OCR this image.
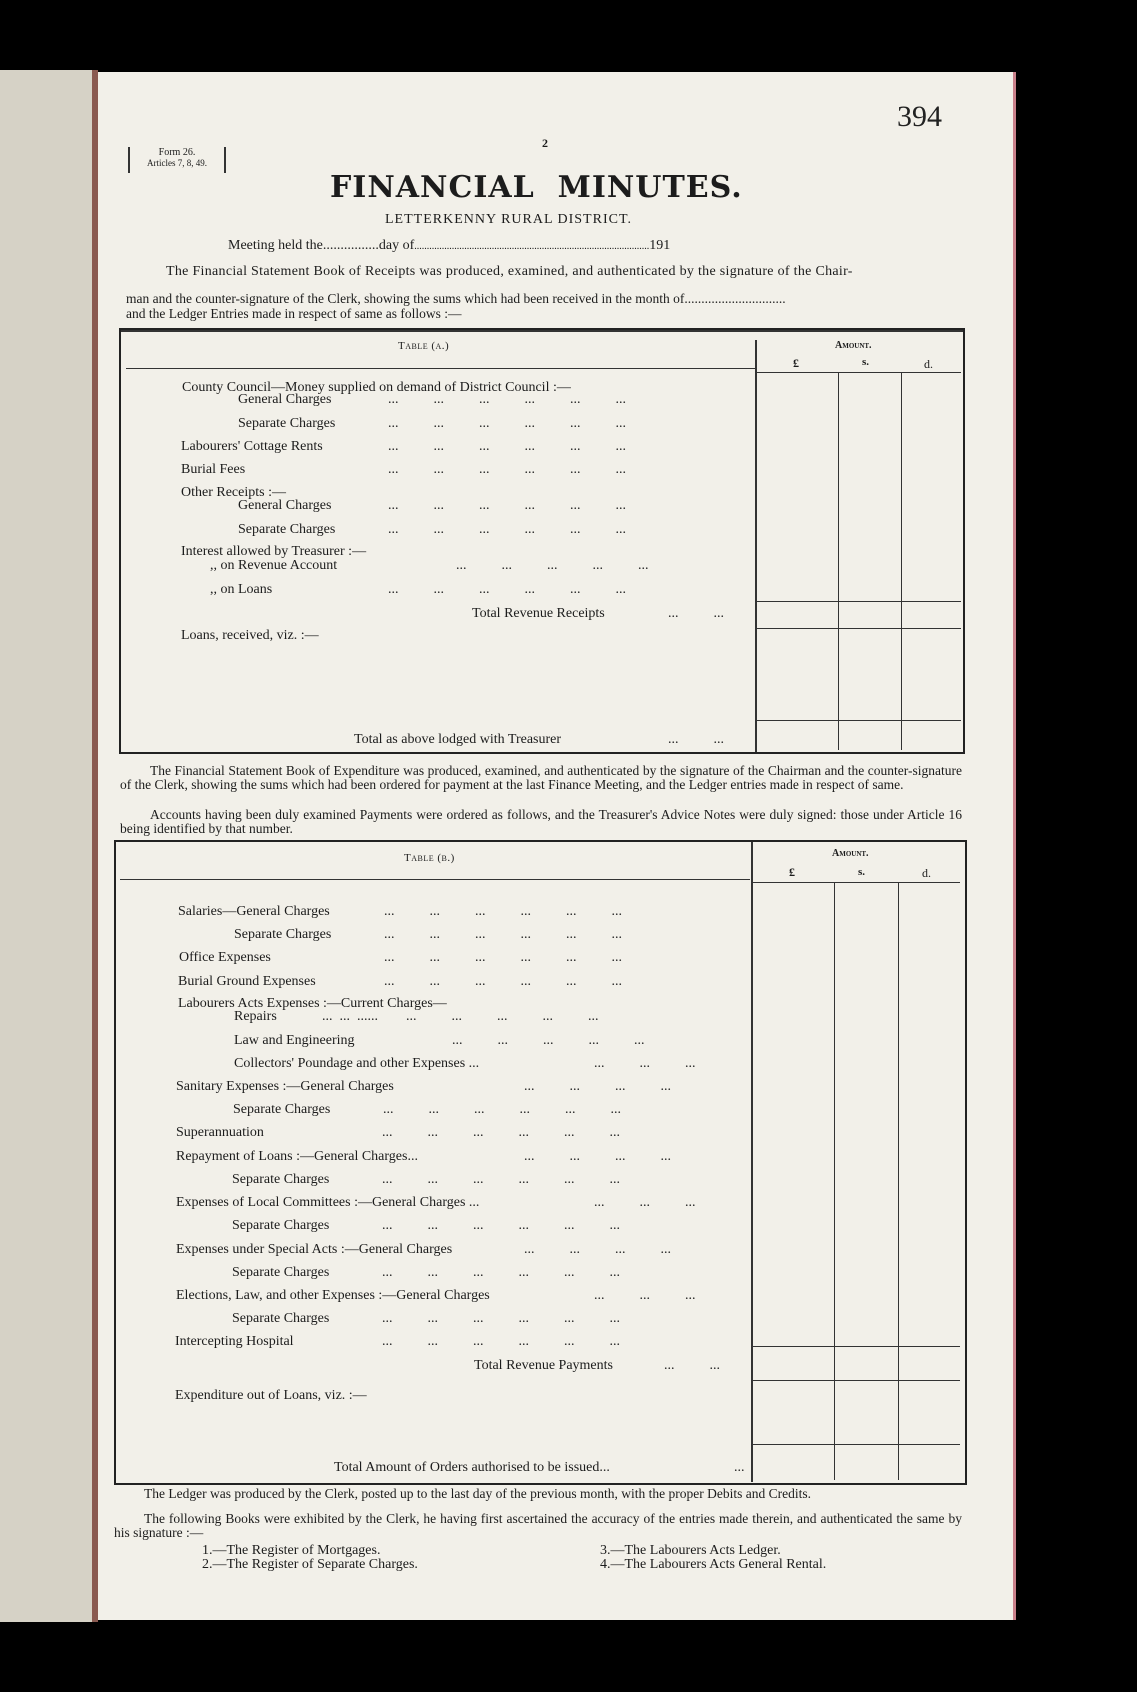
394
2
Form 26.
Articles 7, 8, 49.
FINANCIAL  MINUTES.
LETTERKENNY RURAL DISTRICT.
Meeting held the................day of..............................................................................................191
The Financial Statement Book of Receipts was produced, examined, and authenticated by the signature of the Chair-
man and the counter-signature of the Clerk, showing the sums which had been received in the month of..............................
and the Ledger Entries made in respect of same as follows :—
Table (a.)	Amount.
£	s.	d.
County Council—Money supplied on demand of District Council :—
General Charges	...          ...          ...          ...          ...          ...
Separate Charges	...          ...          ...          ...          ...          ...
Labourers' Cottage Rents	...          ...          ...          ...          ...          ...
Burial Fees	...          ...          ...          ...          ...          ...
Other Receipts :—
General Charges	...          ...          ...          ...          ...          ...
Separate Charges	...          ...          ...          ...          ...          ...
Interest allowed by Treasurer :—
,, on Revenue Account	...          ...          ...          ...          ...
,, on Loans	...          ...          ...          ...          ...          ...
Total Revenue Receipts	...          ...
Loans, received, viz. :—
Total as above lodged with Treasurer	...          ...
The Financial Statement Book of Expenditure was produced, examined, and authenticated by the signature of the Chairman and the counter-signature of the Clerk, showing the sums which had been ordered for payment at the last Finance Meeting, and the Ledger entries made in respect of same.
Accounts having been duly examined Payments were ordered as follows, and the Treasurer's Advice Notes were duly signed: those under Article 16 being identified by that number.
Table (b.)	Amount.
£	s.	d.
Salaries—General Charges	...          ...          ...          ...          ...          ...
Separate Charges	...          ...          ...          ...          ...          ...
Office Expenses	...          ...          ...          ...          ...          ...
Burial Ground Expenses	...          ...          ...          ...          ...          ...
Labourers Acts Expenses :—Current Charges—
Repairs	...  ...  ......        ...          ...          ...          ...          ...
Law and Engineering	...          ...          ...          ...          ...
Collectors' Poundage and other Expenses ...	...          ...          ...
Sanitary Expenses :—General Charges	...          ...          ...          ...
Separate Charges	...          ...          ...          ...          ...          ...
Superannuation	...          ...          ...          ...          ...          ...
Repayment of Loans :—General Charges...	...          ...          ...          ...
Separate Charges	...          ...          ...          ...          ...          ...
Expenses of Local Committees :—General Charges ...	...          ...          ...
Separate Charges	...          ...          ...          ...          ...          ...
Expenses under Special Acts :—General Charges	...          ...          ...          ...
Separate Charges	...          ...          ...          ...          ...          ...
Elections, Law, and other Expenses :—General Charges	...          ...          ...
Separate Charges	...          ...          ...          ...          ...          ...
Intercepting Hospital	...          ...          ...          ...          ...          ...
Total Revenue Payments	...          ...
Expenditure out of Loans, viz. :—
Total Amount of Orders authorised to be issued...	...
The Ledger was produced by the Clerk, posted up to the last day of the previous month, with the proper Debits and Credits.
The following Books were exhibited by the Clerk, he having first ascertained the accuracy of the entries made therein, and authenticated the same by his signature :—
1.—The Register of Mortgages.
2.—The Register of Separate Charges.
3.—The Labourers Acts Ledger.
4.—The Labourers Acts General Rental.
